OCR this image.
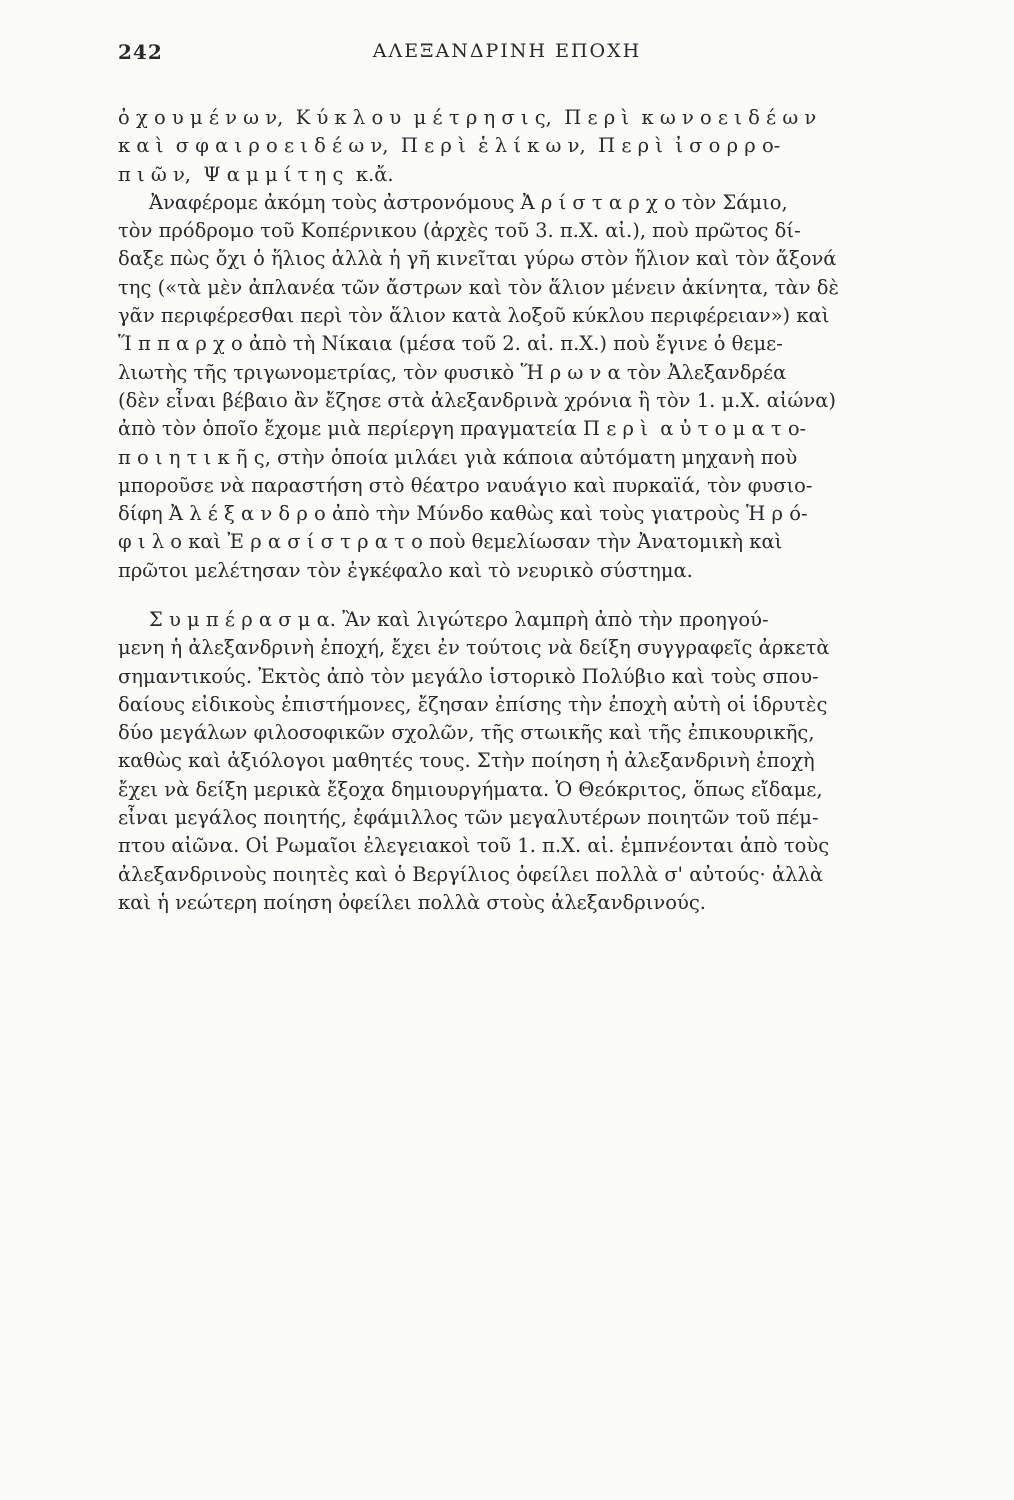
242	ΑΛΕΞΑΝΔΡΙΝΗ ΕΠΟΧΗ
ὀ χ ο υ μ έ ν ω ν,  Κ ύ κ λ ο υ  μ έ τ ρ η σ ι ς,  Π ε ρ ὶ  κ ω ν ο ε ι δ έ ω ν
κ α ὶ  σ φ α ι ρ ο ε ι δ έ ω ν,  Π ε ρ ὶ  ἑ λ ί κ ω ν,  Π ε ρ ὶ  ἰ σ ο ρ ρ ο-
π ι ῶ ν,  Ψ α μ μ ί τ η ς  κ.ἄ.
Ἀναφέρομε ἀκόμη τοὺς ἀστρονόμους Ἀ ρ ί σ τ α ρ χ ο τὸν Σάμιο,
τὸν πρόδρομο τοῦ Κοπέρνικου (ἀρχὲς τοῦ 3. π.Χ. αἰ.), ποὺ πρῶτος δί-
δαξε πὼς ὄχι ὁ ἥλιος ἀλλὰ ἡ γῆ κινεῖται γύρω στὸν ἥλιον καὶ τὸν ἄξονά
της («τὰ μὲν ἀπλανέα τῶν ἄστρων καὶ τὸν ἅλιον μένειν ἀκίνητα, τὰν δὲ
γᾶν περιφέρεσθαι περὶ τὸν ἅλιον κατὰ λοξοῦ κύκλου περιφέρειαν») καὶ
Ἵ π π α ρ χ ο ἀπὸ τὴ Νίκαια (μέσα τοῦ 2. αἰ. π.Χ.) ποὺ ἔγινε ὁ θεμε-
λιωτὴς τῆς τριγωνομετρίας, τὸν φυσικὸ Ἥ ρ ω ν α τὸν Ἀλεξανδρέα
(δὲν εἶναι βέβαιο ἂν ἔζησε στὰ ἀλεξανδρινὰ χρόνια ἢ τὸν 1. μ.Χ. αἰώνα)
ἀπὸ τὸν ὁποῖο ἔχομε μιὰ περίεργη πραγματεία Π ε ρ ὶ  α ὐ τ ο μ α τ ο-
π ο ι η τ ι κ ῆ ς, στὴν ὁποία μιλάει γιὰ κάποια αὐτόματη μηχανὴ ποὺ
μποροῦσε νὰ παραστήση στὸ θέατρο ναυάγιο καὶ πυρκαϊά, τὸν φυσιο-
δίφη Ἀ λ έ ξ α ν δ ρ ο ἀπὸ τὴν Μύνδο καθὼς καὶ τοὺς γιατροὺς Ἡ ρ ό-
φ ι λ ο καὶ Ἐ ρ α σ ί σ τ ρ α τ ο ποὺ θεμελίωσαν τὴν Ἀνατομικὴ καὶ
πρῶτοι μελέτησαν τὸν ἐγκέφαλο καὶ τὸ νευρικὸ σύστημα.
Σ υ μ π έ ρ α σ μ α. Ἂν καὶ λιγώτερο λαμπρὴ ἀπὸ τὴν προηγού-
μενη ἡ ἀλεξανδρινὴ ἐποχή, ἔχει ἐν τούτοις νὰ δείξη συγγραφεῖς ἀρκετὰ
σημαντικούς. Ἐκτὸς ἀπὸ τὸν μεγάλο ἱστορικὸ Πολύβιο καὶ τοὺς σπου-
δαίους εἰδικοὺς ἐπιστήμονες, ἔζησαν ἐπίσης τὴν ἐποχὴ αὐτὴ οἱ ἱδρυτὲς
δύο μεγάλων φιλοσοφικῶν σχολῶν, τῆς στωικῆς καὶ τῆς ἐπικουρικῆς,
καθὼς καὶ ἀξιόλογοι μαθητές τους. Στὴν ποίηση ἡ ἀλεξανδρινὴ ἐποχὴ
ἔχει νὰ δείξη μερικὰ ἔξοχα δημιουργήματα. Ὁ Θεόκριτος, ὅπως εἴδαμε,
εἶναι μεγάλος ποιητής, ἐφάμιλλος τῶν μεγαλυτέρων ποιητῶν τοῦ πέμ-
πτου αἰῶνα. Οἱ Ρωμαῖοι ἐλεγειακοὶ τοῦ 1. π.Χ. αἰ. ἐμπνέονται ἀπὸ τοὺς
ἀλεξανδρινοὺς ποιητὲς καὶ ὁ Βεργίλιος ὀφείλει πολλὰ σ' αὐτούς· ἀλλὰ
καὶ ἡ νεώτερη ποίηση ὀφείλει πολλὰ στοὺς ἀλεξανδρινούς.
